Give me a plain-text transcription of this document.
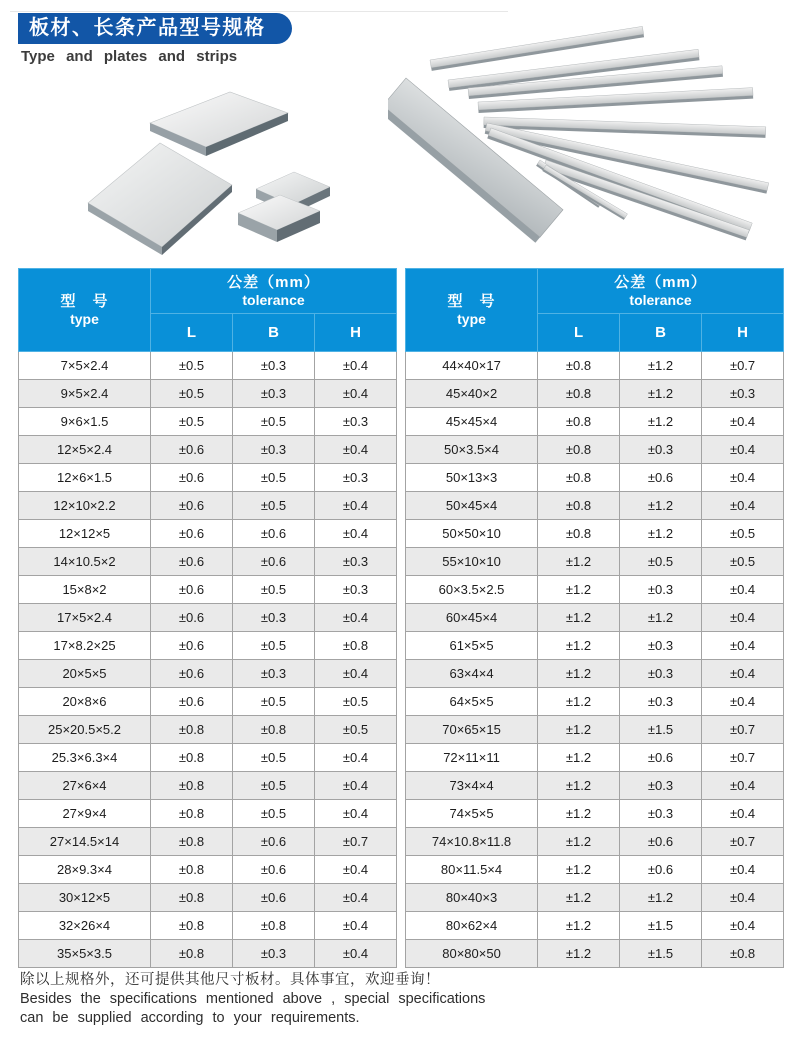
板材、长条产品型号规格
Type and plates and strips
型　号
type

公差（mm）
tolerance

	L	B	H
7×5×2.4	±0.5	±0.3	±0.4
9×5×2.4	±0.5	±0.3	±0.4
9×6×1.5	±0.5	±0.5	±0.3
12×5×2.4	±0.6	±0.3	±0.4
12×6×1.5	±0.6	±0.5	±0.3
12×10×2.2	±0.6	±0.5	±0.4
12×12×5	±0.6	±0.6	±0.4
14×10.5×2	±0.6	±0.6	±0.3
15×8×2	±0.6	±0.5	±0.3
17×5×2.4	±0.6	±0.3	±0.4
17×8.2×25	±0.6	±0.5	±0.8
20×5×5	±0.6	±0.3	±0.4
20×8×6	±0.6	±0.5	±0.5
25×20.5×5.2	±0.8	±0.8	±0.5
25.3×6.3×4	±0.8	±0.5	±0.4
27×6×4	±0.8	±0.5	±0.4
27×9×4	±0.8	±0.5	±0.4
27×14.5×14	±0.8	±0.6	±0.7
28×9.3×4	±0.8	±0.6	±0.4
30×12×5	±0.8	±0.6	±0.4
32×26×4	±0.8	±0.8	±0.4
35×5×3.5	±0.8	±0.3	±0.4
型　号
type

公差（mm）
tolerance

	L	B	H
44×40×17	±0.8	±1.2	±0.7
45×40×2	±0.8	±1.2	±0.3
45×45×4	±0.8	±1.2	±0.4
50×3.5×4	±0.8	±0.3	±0.4
50×13×3	±0.8	±0.6	±0.4
50×45×4	±0.8	±1.2	±0.4
50×50×10	±0.8	±1.2	±0.5
55×10×10	±1.2	±0.5	±0.5
60×3.5×2.5	±1.2	±0.3	±0.4
60×45×4	±1.2	±1.2	±0.4
61×5×5	±1.2	±0.3	±0.4
63×4×4	±1.2	±0.3	±0.4
64×5×5	±1.2	±0.3	±0.4
70×65×15	±1.2	±1.5	±0.7
72×11×11	±1.2	±0.6	±0.7
73×4×4	±1.2	±0.3	±0.4
74×5×5	±1.2	±0.3	±0.4
74×10.8×11.8	±1.2	±0.6	±0.7
80×11.5×4	±1.2	±0.6	±0.4
80×40×3	±1.2	±1.2	±0.4
80×62×4	±1.2	±1.5	±0.4
80×80×50	±1.2	±1.5	±0.8
除以上规格外，还可提供其他尺寸板材。具体事宜，欢迎垂询！
Besides the specifications mentioned above , special specifications
can be supplied according to your requirements.
